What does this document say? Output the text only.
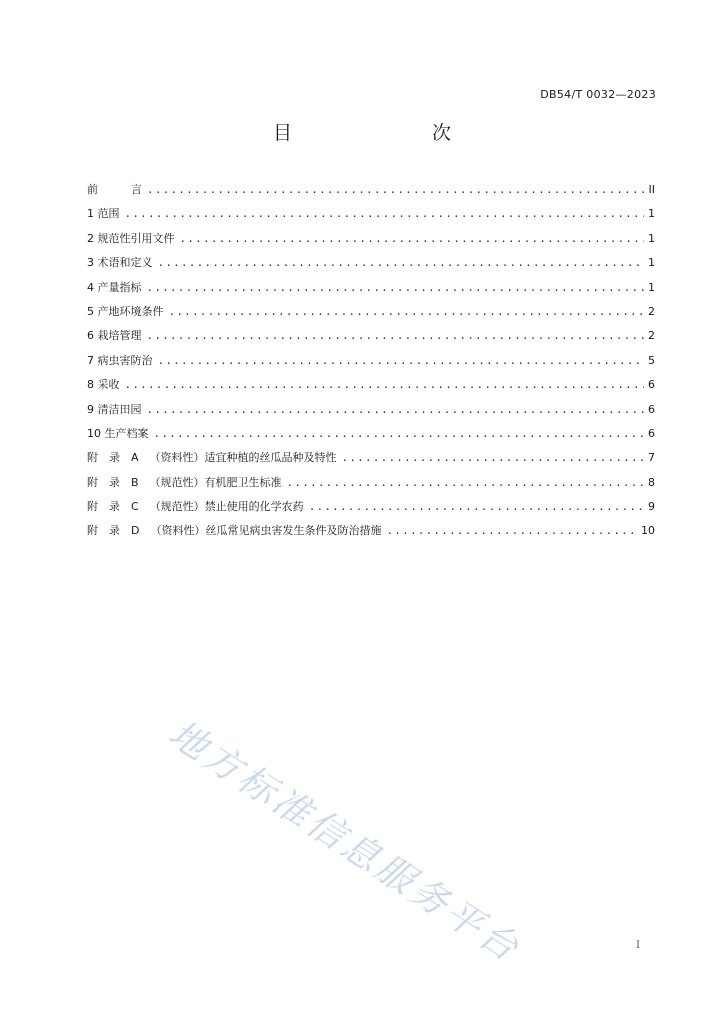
DB54/T 0032—2023
目　　次
前　　　言 .....	II
1 范围 .....	1
2 规范性引用文件 .....	1
3 术语和定义 .....	1
4 产量指标 .....	1
5 产地环境条件 .....	2
6 栽培管理 .....	2
7 病虫害防治 .....	5
8 采收 .....	6
9 清洁田园 .....	6
10 生产档案 .....	6
附　录　A　 （资料性）适宜种植的丝瓜品种及特性 .....	7
附　录　B　 （规范性）有机肥卫生标准 .....	8
附　录　C　 （规范性）禁止使用的化学农药 .....	9
附　录　D　 （资料性）丝瓜常见病虫害发生条件及防治措施 .....	10
地方标准信息服务平台	I
